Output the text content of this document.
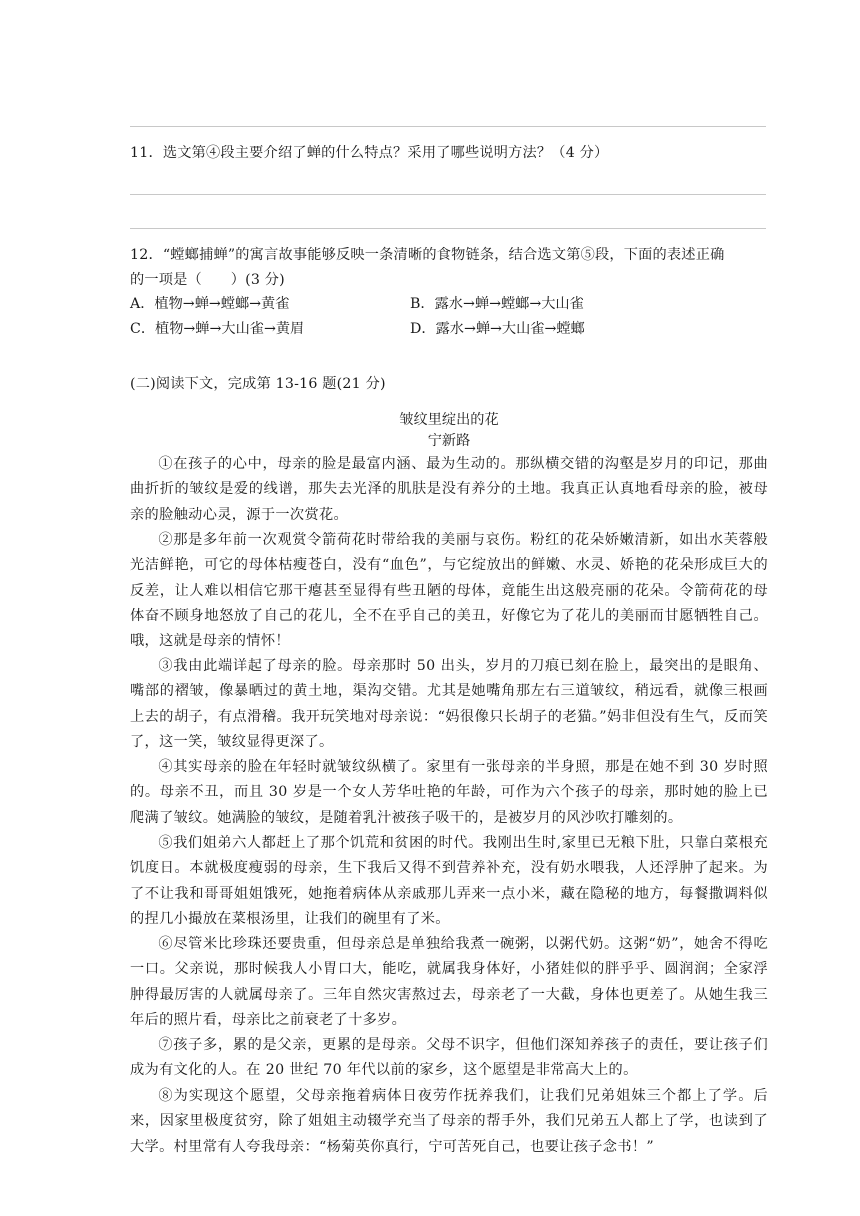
11．选文第④段主要介绍了蝉的什么特点？采用了哪些说明方法？（4 分）
12．“螳螂捕蝉”的寓言故事能够反映一条清晰的食物链条，结合选文第⑤段，下面的表述正确
的一项是（　　）(3 分)
A．植物→蝉→螳螂→黄雀	B．露水→蝉→螳螂→大山雀
C．植物→蝉→大山雀→黄眉	D．露水→蝉→大山雀→螳螂
(二)阅读下文，完成第 13-16 题(21 分)
皱纹里绽出的花
宁新路
①在孩子的心中，母亲的脸是最富内涵、最为生动的。那纵横交错的沟壑是岁月的印记，那曲曲折折的皱纹是爱的线谱，那失去光泽的肌肤是没有养分的土地。我真正认真地看母亲的脸，被母亲的脸触动心灵，源于一次赏花。
②那是多年前一次观赏令箭荷花时带给我的美丽与哀伤。粉红的花朵娇嫩清新，如出水芙蓉般光洁鲜艳，可它的母体枯瘦苍白，没有“血色”，与它绽放出的鲜嫩、水灵、娇艳的花朵形成巨大的反差，让人难以相信它那干瘪甚至显得有些丑陋的母体，竟能生出这般亮丽的花朵。令箭荷花的母体奋不顾身地怒放了自己的花儿，全不在乎自己的美丑，好像它为了花儿的美丽而甘愿牺牲自己。哦，这就是母亲的情怀！
③我由此端详起了母亲的脸。母亲那时 50 出头，岁月的刀痕已刻在脸上，最突出的是眼角、嘴部的褶皱，像暴晒过的黄土地，渠沟交错。尤其是她嘴角那左右三道皱纹，稍远看，就像三根画上去的胡子，有点滑稽。我开玩笑地对母亲说：“妈很像只长胡子的老猫。”妈非但没有生气，反而笑了，这一笑，皱纹显得更深了。
④其实母亲的脸在年轻时就皱纹纵横了。家里有一张母亲的半身照，那是在她不到 30 岁时照的。母亲不丑，而且 30 岁是一个女人芳华吐艳的年龄，可作为六个孩子的母亲，那时她的脸上已爬满了皱纹。她满脸的皱纹，是随着乳汁被孩子吸干的，是被岁月的风沙吹打雕刻的。
⑤我们姐弟六人都赶上了那个饥荒和贫困的时代。我刚出生时,家里已无粮下肚，只靠白菜根充饥度日。本就极度瘦弱的母亲，生下我后又得不到营养补充，没有奶水喂我，人还浮肿了起来。为了不让我和哥哥姐姐饿死，她拖着病体从亲戚那儿弄来一点小米，藏在隐秘的地方，每餐撒调料似的捏几小撮放在菜根汤里，让我们的碗里有了米。
⑥尽管米比珍珠还要贵重，但母亲总是单独给我煮一碗粥，以粥代奶。这粥“奶”，她舍不得吃一口。父亲说，那时候我人小胃口大，能吃，就属我身体好，小猪娃似的胖乎乎、圆润润；全家浮肿得最厉害的人就属母亲了。三年自然灾害熬过去，母亲老了一大截，身体也更差了。从她生我三年后的照片看，母亲比之前衰老了十多岁。
⑦孩子多，累的是父亲，更累的是母亲。父母不识字，但他们深知养孩子的责任，要让孩子们成为有文化的人。在 20 世纪 70 年代以前的家乡，这个愿望是非常高大上的。
⑧为实现这个愿望，父母亲拖着病体日夜劳作抚养我们，让我们兄弟姐妹三个都上了学。后来，因家里极度贫穷，除了姐姐主动辍学充当了母亲的帮手外，我们兄弟五人都上了学，也读到了大学。村里常有人夸我母亲：“杨菊英你真行，宁可苦死自己，也要让孩子念书！”
